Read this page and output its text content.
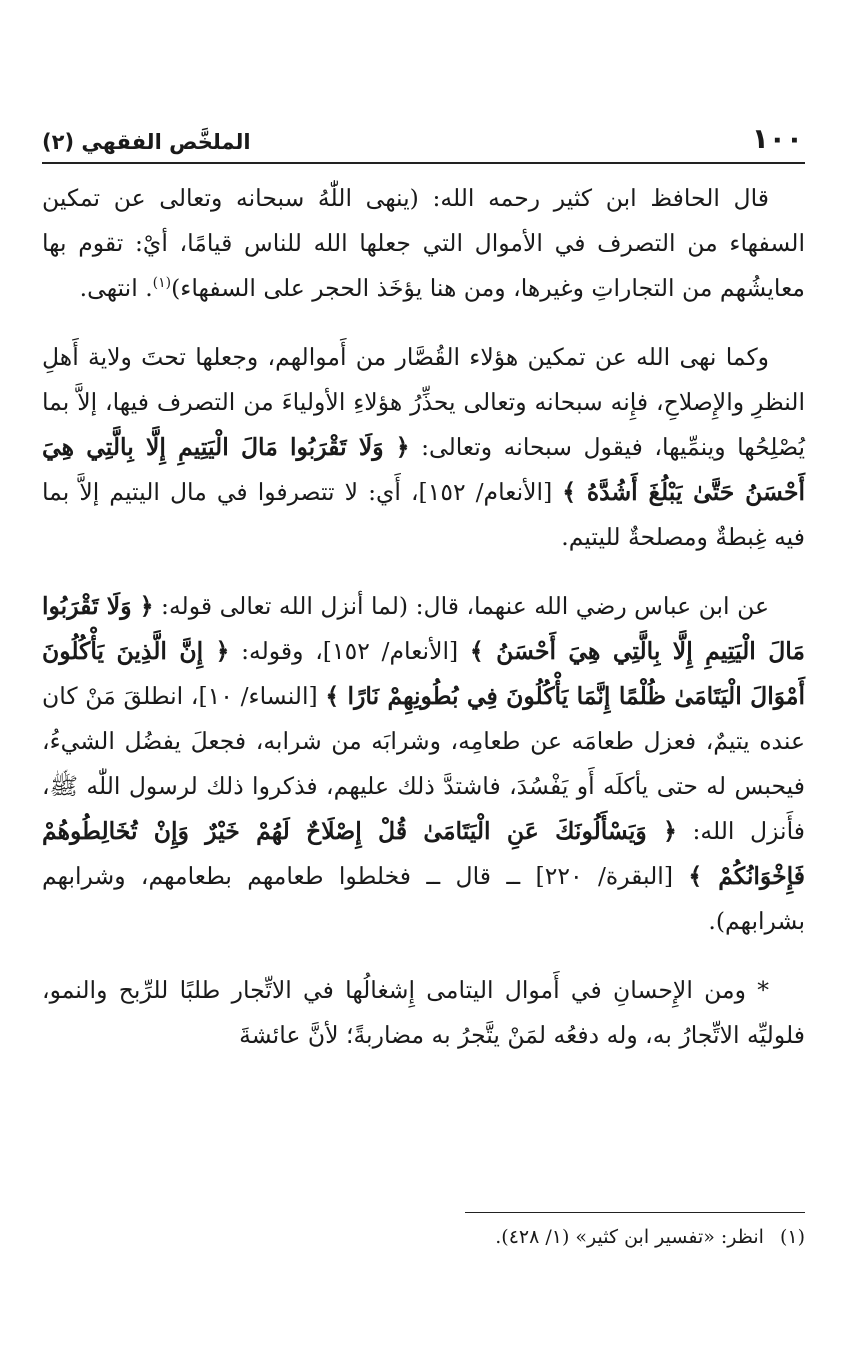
الملخَّص الفقهي (٢)	١٠٠

قال الحافظ ابن كثير رحمه الله: (ينهى اللّٰهُ سبحانه وتعالى عن تمكين السفهاء من التصرف في الأموال التي جعلها الله للناس قيامًا، أيْ: تقوم بها معايشُهم من التجاراتِ وغيرها، ومن هنا يؤخَذ الحجر على السفهاء)$^{(١)}$. انتهى.

وكما نهى الله عن تمكين هؤلاء القُصَّار من أَموالهم، وجعلها تحتَ ولاية أَهلِ النظرِ والإِصلاحِ، فإِنه سبحانه وتعالى يحذِّرُ هؤلاءِ الأولياءَ من التصرف فيها، إلاَّ بما يُصْلِحُها وينمِّيها، فيقول سبحانه وتعالى: ﴿ وَلَا تَقْرَبُوا مَالَ الْيَتِيمِ إِلَّا بِالَّتِي هِيَ أَحْسَنُ حَتَّىٰ يَبْلُغَ أَشُدَّهُ ﴾ [الأنعام/ ١٥٢]، أَي: لا تتصرفوا في مال اليتيم إلاَّ بما فيه غِبطةٌ ومصلحةٌ لليتيم.

عن ابن عباس رضي الله عنهما، قال: (لما أنزل الله تعالى قوله: ﴿ وَلَا تَقْرَبُوا مَالَ الْيَتِيمِ إِلَّا بِالَّتِي هِيَ أَحْسَنُ ﴾ [الأنعام/ ١٥٢]، وقوله: ﴿ إِنَّ الَّذِينَ يَأْكُلُونَ أَمْوَالَ الْيَتَامَىٰ ظُلْمًا إِنَّمَا يَأْكُلُونَ فِي بُطُونِهِمْ نَارًا ﴾ [النساء/ ١٠]، انطلقَ مَنْ كان عنده يتيمٌ، فعزل طعامَه عن طعامِه، وشرابَه من شرابه، فجعلَ يفضُل الشيءُ، فيحبس له حتى يأكلَه أَو يَفْسُدَ، فاشتدَّ ذلك عليهم، فذكروا ذلك لرسول اللّٰه ﷺ، فأَنزل الله: ﴿ وَيَسْأَلُونَكَ عَنِ الْيَتَامَىٰ قُلْ إِصْلَاحٌ لَهُمْ خَيْرٌ وَإِنْ تُخَالِطُوهُمْ فَإِخْوَانُكُمْ ﴾ [البقرة/ ٢٢٠] ــ قال ــ فخلطوا طعامهم بطعامهم، وشرابهم بشرابهم).

* ومن الإِحسانِ في أَموال اليتامى إِشغالُها في الاتِّجار طلبًا للرِّبح والنمو، فلوليِّه الاتِّجارُ به، وله دفعُه لمَنْ يتَّجرُ به مضاربةً؛ لأنَّ عائشةَ

(١)انظر: «تفسير ابن كثير» (١/ ٤٢٨).
